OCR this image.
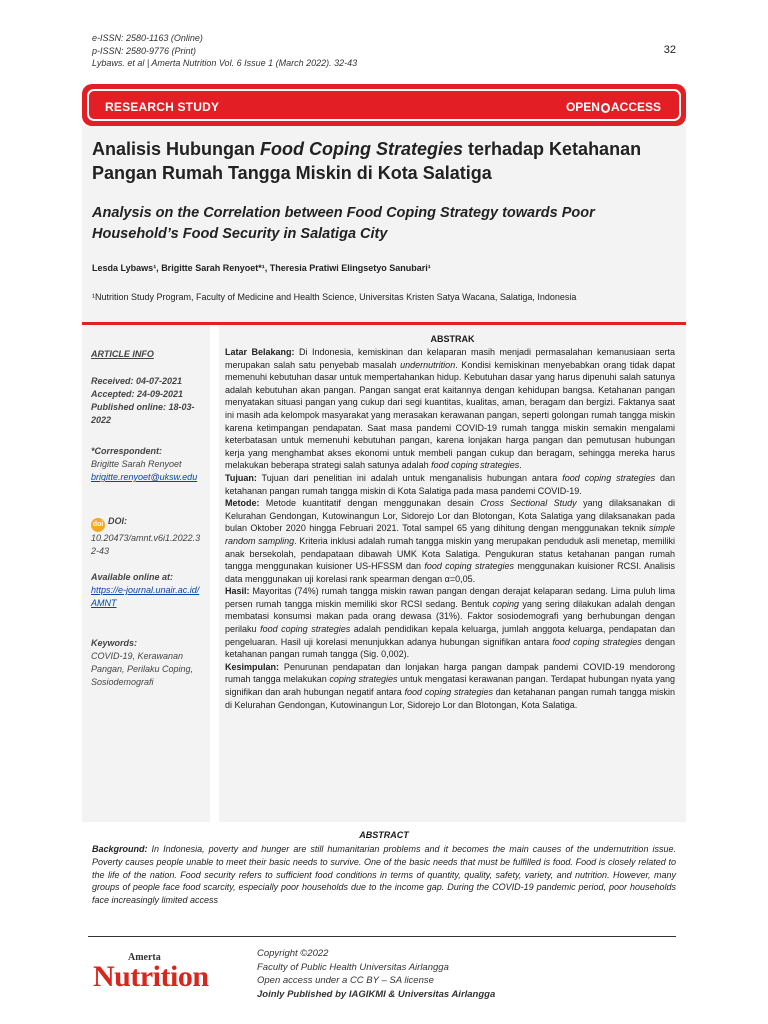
e-ISSN: 2580-1163 (Online)
p-ISSN: 2580-9776 (Print)
Lybaws. et al | Amerta Nutrition Vol. 6 Issue 1 (March 2022). 32-43
32
RESEARCH STUDY	OPEN ACCESS
Analisis Hubungan Food Coping Strategies terhadap Ketahanan Pangan Rumah Tangga Miskin di Kota Salatiga
Analysis on the Correlation between Food Coping Strategy towards Poor Household’s Food Security in Salatiga City
Lesda Lybaws¹, Brigitte Sarah Renyoet*¹, Theresia Pratiwi Elingsetyo Sanubari¹
¹Nutrition Study Program, Faculty of Medicine and Health Science, Universitas Kristen Satya Wacana, Salatiga, Indonesia
ARTICLE INFO
Received: 04-07-2021
Accepted: 24-09-2021
Published online: 18-03-2022
*Correspondent:
Brigitte Sarah Renyoet
brigitte.renyoet@uksw.edu
doi DOI:
10.20473/amnt.v6i1.2022.32-43
Available online at:
https://e-journal.unair.ac.id/AMNT
Keywords:
COVID-19, Kerawanan Pangan, Perilaku Coping, Sosiodemografi
ABSTRAK

Latar Belakang: Di Indonesia, kemiskinan dan kelaparan masih menjadi permasalahan kemanusiaan serta merupakan salah satu penyebab masalah undernutrition. Kondisi kemiskinan menyebabkan orang tidak dapat memenuhi kebutuhan dasar untuk mempertahankan hidup. Kebutuhan dasar yang harus dipenuhi salah satunya adalah kebutuhan akan pangan. Pangan sangat erat kaitannya dengan kehidupan bangsa. Ketahanan pangan menyatakan situasi pangan yang cukup dari segi kuantitas, kualitas, aman, beragam dan bergizi. Faktanya saat ini masih ada kelompok masyarakat yang merasakan kerawanan pangan, seperti golongan rumah tangga miskin karena ketimpangan pendapatan. Saat masa pandemi COVID-19 rumah tangga miskin semakin mengalami keterbatasan untuk memenuhi kebutuhan pangan, karena lonjakan harga pangan dan pemutusan hubungan kerja yang menghambat akses ekonomi untuk membeli pangan cukup dan beragam, sehingga mereka harus melakukan beberapa strategi salah satunya adalah food coping strategies.

Tujuan: Tujuan dari penelitian ini adalah untuk menganalisis hubungan antara food coping strategies dan ketahanan pangan rumah tangga miskin di Kota Salatiga pada masa pandemi COVID-19.

Metode: Metode kuantitatif dengan menggunakan desain Cross Sectional Study yang dilaksanakan di Kelurahan Gendongan, Kutowinangun Lor, Sidorejo Lor dan Blotongan, Kota Salatiga yang dilaksanakan pada bulan Oktober 2020 hingga Februari 2021. Total sampel 65 yang dihitung dengan menggunakan teknik simple random sampling. Kriteria inklusi adalah rumah tangga miskin yang merupakan penduduk asli menetap, memiliki anak bersekolah, pendapataan dibawah UMK Kota Salatiga. Pengukuran status ketahanan pangan rumah tangga menggunakan kuisioner US-HFSSM dan food coping strategies menggunakan kuisioner RCSI. Analisis data menggunakan uji korelasi rank spearman dengan α=0,05.

Hasil: Mayoritas (74%) rumah tangga miskin rawan pangan dengan derajat kelaparan sedang. Lima puluh lima persen rumah tangga miskin memiliki skor RCSI sedang. Bentuk coping yang sering dilakukan adalah dengan membatasi konsumsi makan pada orang dewasa (31%). Faktor sosiodemografi yang berhubungan dengan perilaku food coping strategies adalah pendidikan kepala keluarga, jumlah anggota keluarga, pendapatan dan pengeluaran. Hasil uji korelasi menunjukkan adanya hubungan signifikan antara food coping strategies dengan ketahanan pangan rumah tangga (Sig. 0,002).

Kesimpulan: Penurunan pendapatan dan lonjakan harga pangan dampak pandemi COVID-19 mendorong rumah tangga melakukan coping strategies untuk mengatasi kerawanan pangan. Terdapat hubungan nyata yang signifikan dan arah hubungan negatif antara food coping strategies dan ketahanan pangan rumah tangga miskin di Kelurahan Gendongan, Kutowinangun Lor, Sidorejo Lor dan Blotongan, Kota Salatiga.

ABSTRACT
Background: In Indonesia, poverty and hunger are still humanitarian problems and it becomes the main causes of the undernutrition issue. Poverty causes people unable to meet their basic needs to survive. One of the basic needs that must be fulfilled is food. Food is closely related to the life of the nation. Food security refers to sufficient food conditions in terms of quantity, quality, safety, variety, and nutrition. However, many groups of people face food scarcity, especially poor households due to the income gap. During the COVID-19 pandemic period, poor households face increasingly limited access
Amerta
Nutrition
Copyright ©2022
Faculty of Public Health Universitas Airlangga
Open access under a CC BY – SA license
Joinly Published by IAGIKMI & Universitas Airlangga
